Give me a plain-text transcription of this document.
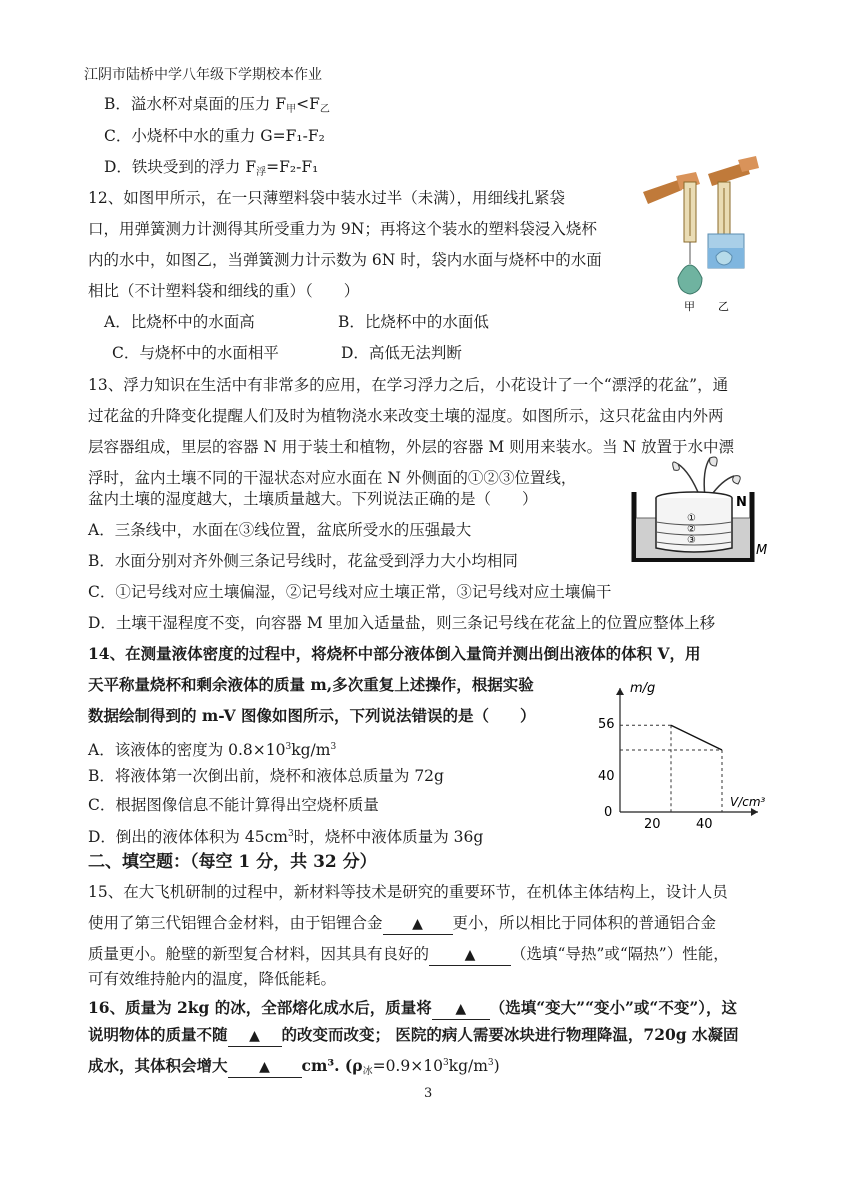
江阴市陆桥中学八年级下学期校本作业
B．溢水杯对桌面的压力 $F_甲<F_乙$
C．小烧杯中水的重力 G=F₁-F₂
D．铁块受到的浮力 $F_浮=F_2-F_1$
12、如图甲所示，在一只薄塑料袋中装水过半（未满），用细线扎紧袋
口，用弹簧测力计测得其所受重力为 9N；再将这个装水的塑料袋浸入烧杯
内的水中，如图乙，当弹簧测力计示数为 6N 时，袋内水面与烧杯中的水面
相比（不计塑料袋和细线的重）（　　）
A．比烧杯中的水面高	B．比烧杯中的水面低
C．与烧杯中的水面相平	D．高低无法判断
甲 乙
13、浮力知识在生活中有非常多的应用，在学习浮力之后，小花设计了一个“漂浮的花盆”，通
过花盆的升降变化提醒人们及时为植物浇水来改变土壤的湿度。如图所示，这只花盆由内外两
层容器组成，里层的容器 N 用于装土和植物，外层的容器 M 则用来装水。当 N 放置于水中漂
浮时，盆内土壤不同的干湿状态对应水面在 N 外侧面的①②③位置线，
盆内土壤的湿度越大，土壤质量越大。下列说法正确的是（　　）
A．三条线中，水面在③线位置，盆底所受水的压强最大
B．水面分别对齐外侧三条记号线时，花盆受到浮力大小均相同
C．①记号线对应土壤偏湿，②记号线对应土壤正常，③记号线对应土壤偏干
D．土壤干湿程度不变，向容器 M 里加入适量盐，则三条记号线在花盆上的位置应整体上移
①
②
③
N
M
14、在测量液体密度的过程中，将烧杯中部分液体倒入量筒并测出倒出液体的体积 V，用
天平称量烧杯和剩余液体的质量 m,多次重复上述操作，根据实验
数据绘制得到的 m-V 图像如图所示，下列说法错误的是（　　）
A．该液体的密度为 $0.8\times 10^3kg/m^3$
B．将液体第一次倒出前，烧杯和液体总质量为 72g
C．根据图像信息不能计算得出空烧杯质量
D．倒出的液体体积为 $45cm^3$时，烧杯中液体质量为 36g
m/g
V/cm³
20	40
0
40
56
二、填空题：（每空 1 分，共 32 分）
15、在大飞机研制的过程中，新材料等技术是研究的重要环节，在机体主体结构上，设计人员
使用了第三代铝锂合金材料，由于铝锂合金 ▲ 更小，所以相比于同体积的普通铝合金
质量更小。舱壁的新型复合材料，因其具有良好的	▲ （选填“导热”或“隔热”）性能，
可有效维持舱内的温度，降低能耗。
16、质量为 2kg 的冰，全部熔化成水后，质量将 ▲ （选填“变大”“变小”或“不变”），这
说明物体的质量不随 ▲ 的改变而改变； 医院的病人需要冰块进行物理降温，720g 水凝固
成水，其体积会增大 ▲ cm³. $(\rho_冰=0.9\times 10^3kg/m^3)$
3
